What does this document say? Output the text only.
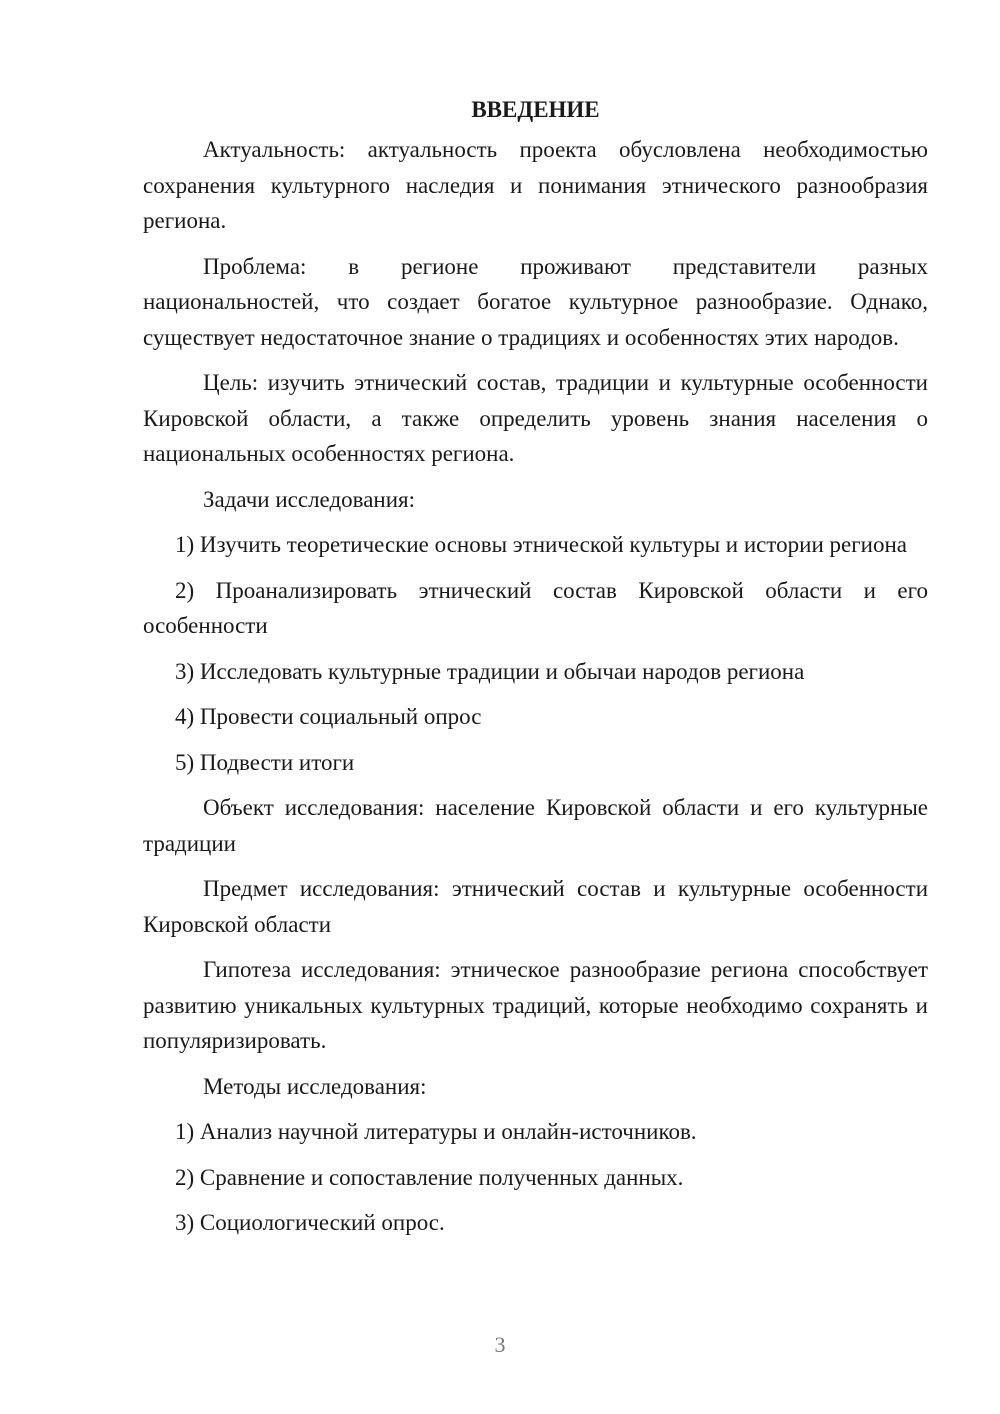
ВВЕДЕНИЕ

Актуальность: актуальность проекта обусловлена необходимостью сохранения культурного наследия и понимания этнического разнообразия региона.

Проблема: в регионе проживают представители разных национальностей, что создает богатое культурное разнообразие. Однако, существует недостаточное знание о традициях и особенностях этих народов.

Цель: изучить этнический состав, традиции и культурные особенности Кировской области, а также определить уровень знания населения о национальных особенностях региона.

Задачи исследования:

1) Изучить теоретические основы этнической культуры и истории региона

2) Проанализировать этнический состав Кировской области и его особенности

3) Исследовать культурные традиции и обычаи народов региона

4) Провести социальный опрос

5) Подвести итоги

Объект исследования: население Кировской области и его культурные традиции

Предмет исследования: этнический состав и культурные особенности Кировской области

Гипотеза исследования: этническое разнообразие региона способствует развитию уникальных культурных традиций, которые необходимо сохранять и популяризировать.

Методы исследования:

1) Анализ научной литературы и онлайн-источников.

2) Сравнение и сопоставление полученных данных.

3) Социологический опрос.

3
